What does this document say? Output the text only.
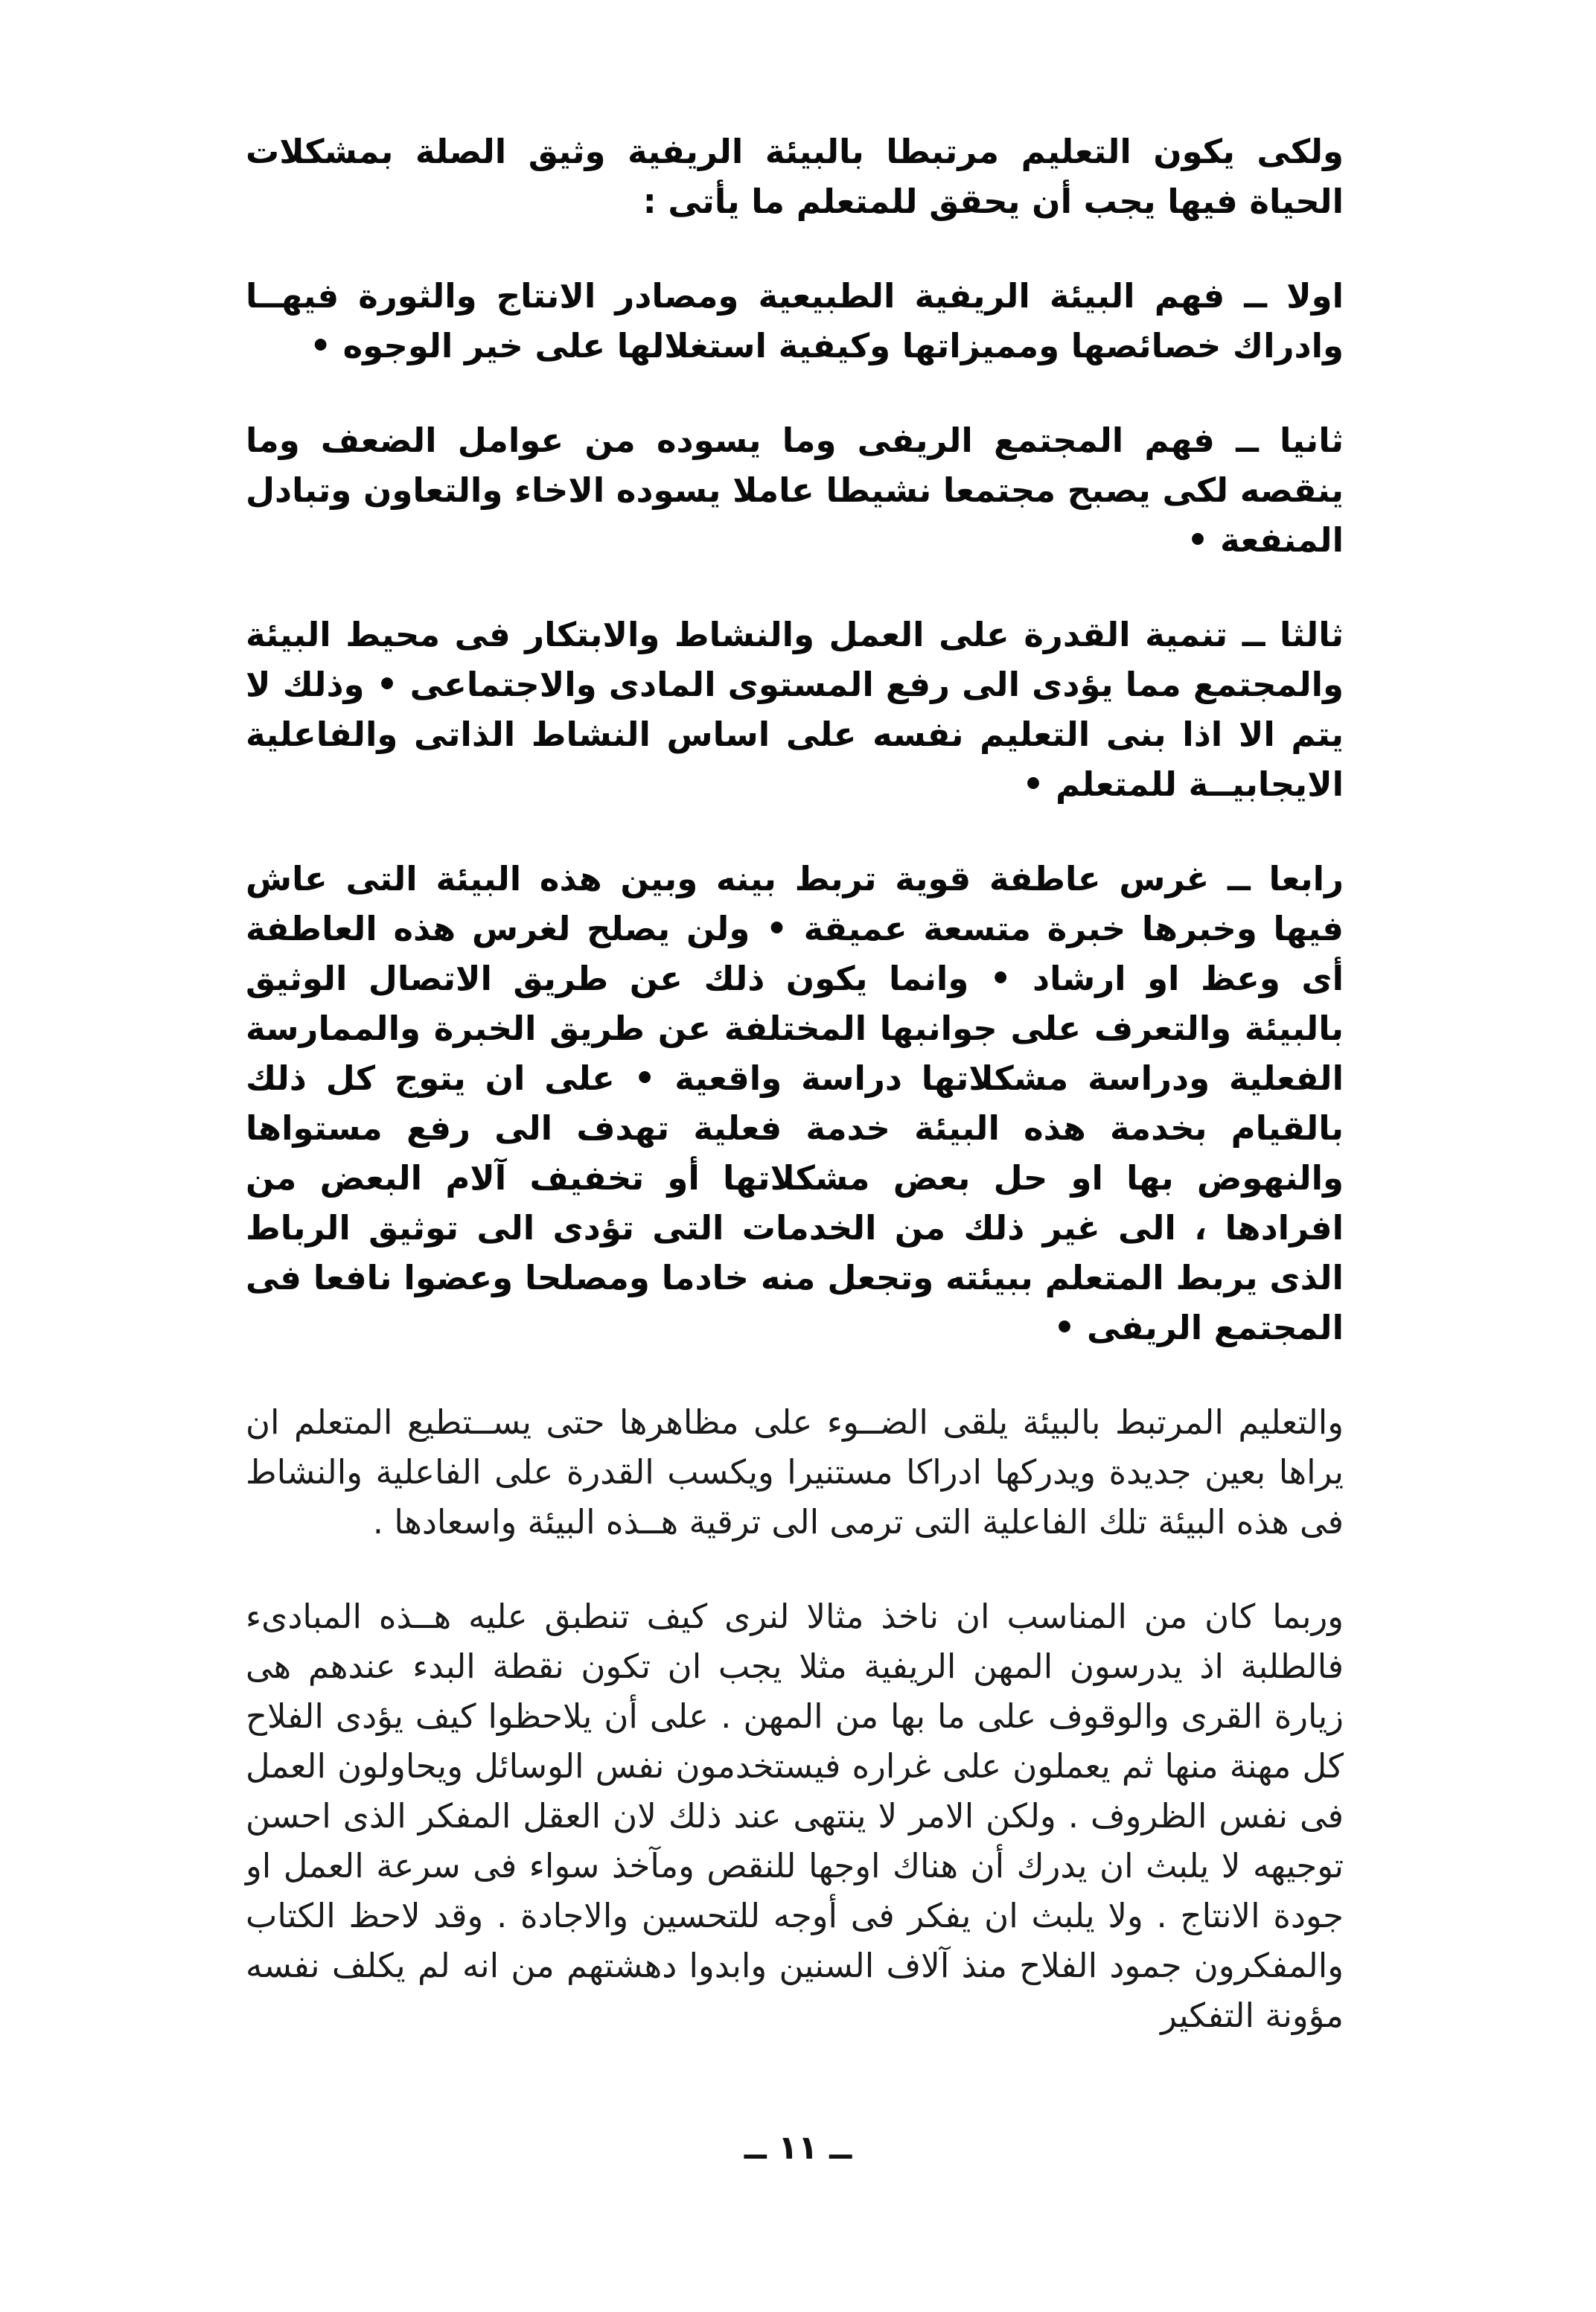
ولكى يكون التعليم مرتبطا بالبيئة الريفية وثيق الصلة بمشكلات الحياة فيها يجب أن يحقق للمتعلم ما يأتى :

اولا ــ فهم البيئة الريفية الطبيعية ومصادر الانتاج والثورة فيهــا وادراك خصائصها ومميزاتها وكيفية استغلالها على خير الوجوه •

ثانيا ــ فهم المجتمع الريفى وما يسوده من عوامل الضعف وما ينقصه لكى يصبح مجتمعا نشيطا عاملا يسوده الاخاء والتعاون وتبادل المنفعة •

ثالثا ــ تنمية القدرة على العمل والنشاط والابتكار فى محيط البيئة والمجتمع مما يؤدى الى رفع المستوى المادى والاجتماعى • وذلك لا يتم الا اذا بنى التعليم نفسه على اساس النشاط الذاتى والفاعلية الايجابيــة للمتعلم •

رابعا ــ غرس عاطفة قوية تربط بينه وبين هذه البيئة التى عاش فيها وخبرها خبرة متسعة عميقة • ولن يصلح لغرس هذه العاطفة أى وعظ او ارشاد • وانما يكون ذلك عن طريق الاتصال الوثيق بالبيئة والتعرف على جوانبها المختلفة عن طريق الخبرة والممارسة الفعلية ودراسة مشكلاتها دراسة واقعية • على ان يتوج كل ذلك بالقيام بخدمة هذه البيئة خدمة فعلية تهدف الى رفع مستواها والنهوض بها او حل بعض مشكلاتها أو تخفيف آلام البعض من افرادها ، الى غير ذلك من الخدمات التى تؤدى الى توثيق الرباط الذى يربط المتعلم ببيئته وتجعل منه خادما ومصلحا وعضوا نافعا فى المجتمع الريفى •

والتعليم المرتبط بالبيئة يلقى الضــوء على مظاهرها حتى يســتطيع المتعلم ان يراها بعين جديدة ويدركها ادراكا مستنيرا ويكسب القدرة على الفاعلية والنشاط فى هذه البيئة تلك الفاعلية التى ترمى الى ترقية هــذه البيئة واسعادها .

وربما كان من المناسب ان ناخذ مثالا لنرى كيف تنطبق عليه هــذه المبادىء فالطلبة اذ يدرسون المهن الريفية مثلا يجب ان تكون نقطة البدء عندهم هى زيارة القرى والوقوف على ما بها من المهن . على أن يلاحظوا كيف يؤدى الفلاح كل مهنة منها ثم يعملون على غراره فيستخدمون نفس الوسائل ويحاولون العمل فى نفس الظروف . ولكن الامر لا ينتهى عند ذلك لان العقل المفكر الذى احسن توجيهه لا يلبث ان يدرك أن هناك اوجها للنقص ومآخذ سواء فى سرعة العمل او جودة الانتاج . ولا يلبث ان يفكر فى أوجه للتحسين والاجادة . وقد لاحظ الكتاب والمفكرون جمود الفلاح منذ آلاف السنين وابدوا دهشتهم من انه لم يكلف نفسه مؤونة التفكير

ــ ١١ ــ
